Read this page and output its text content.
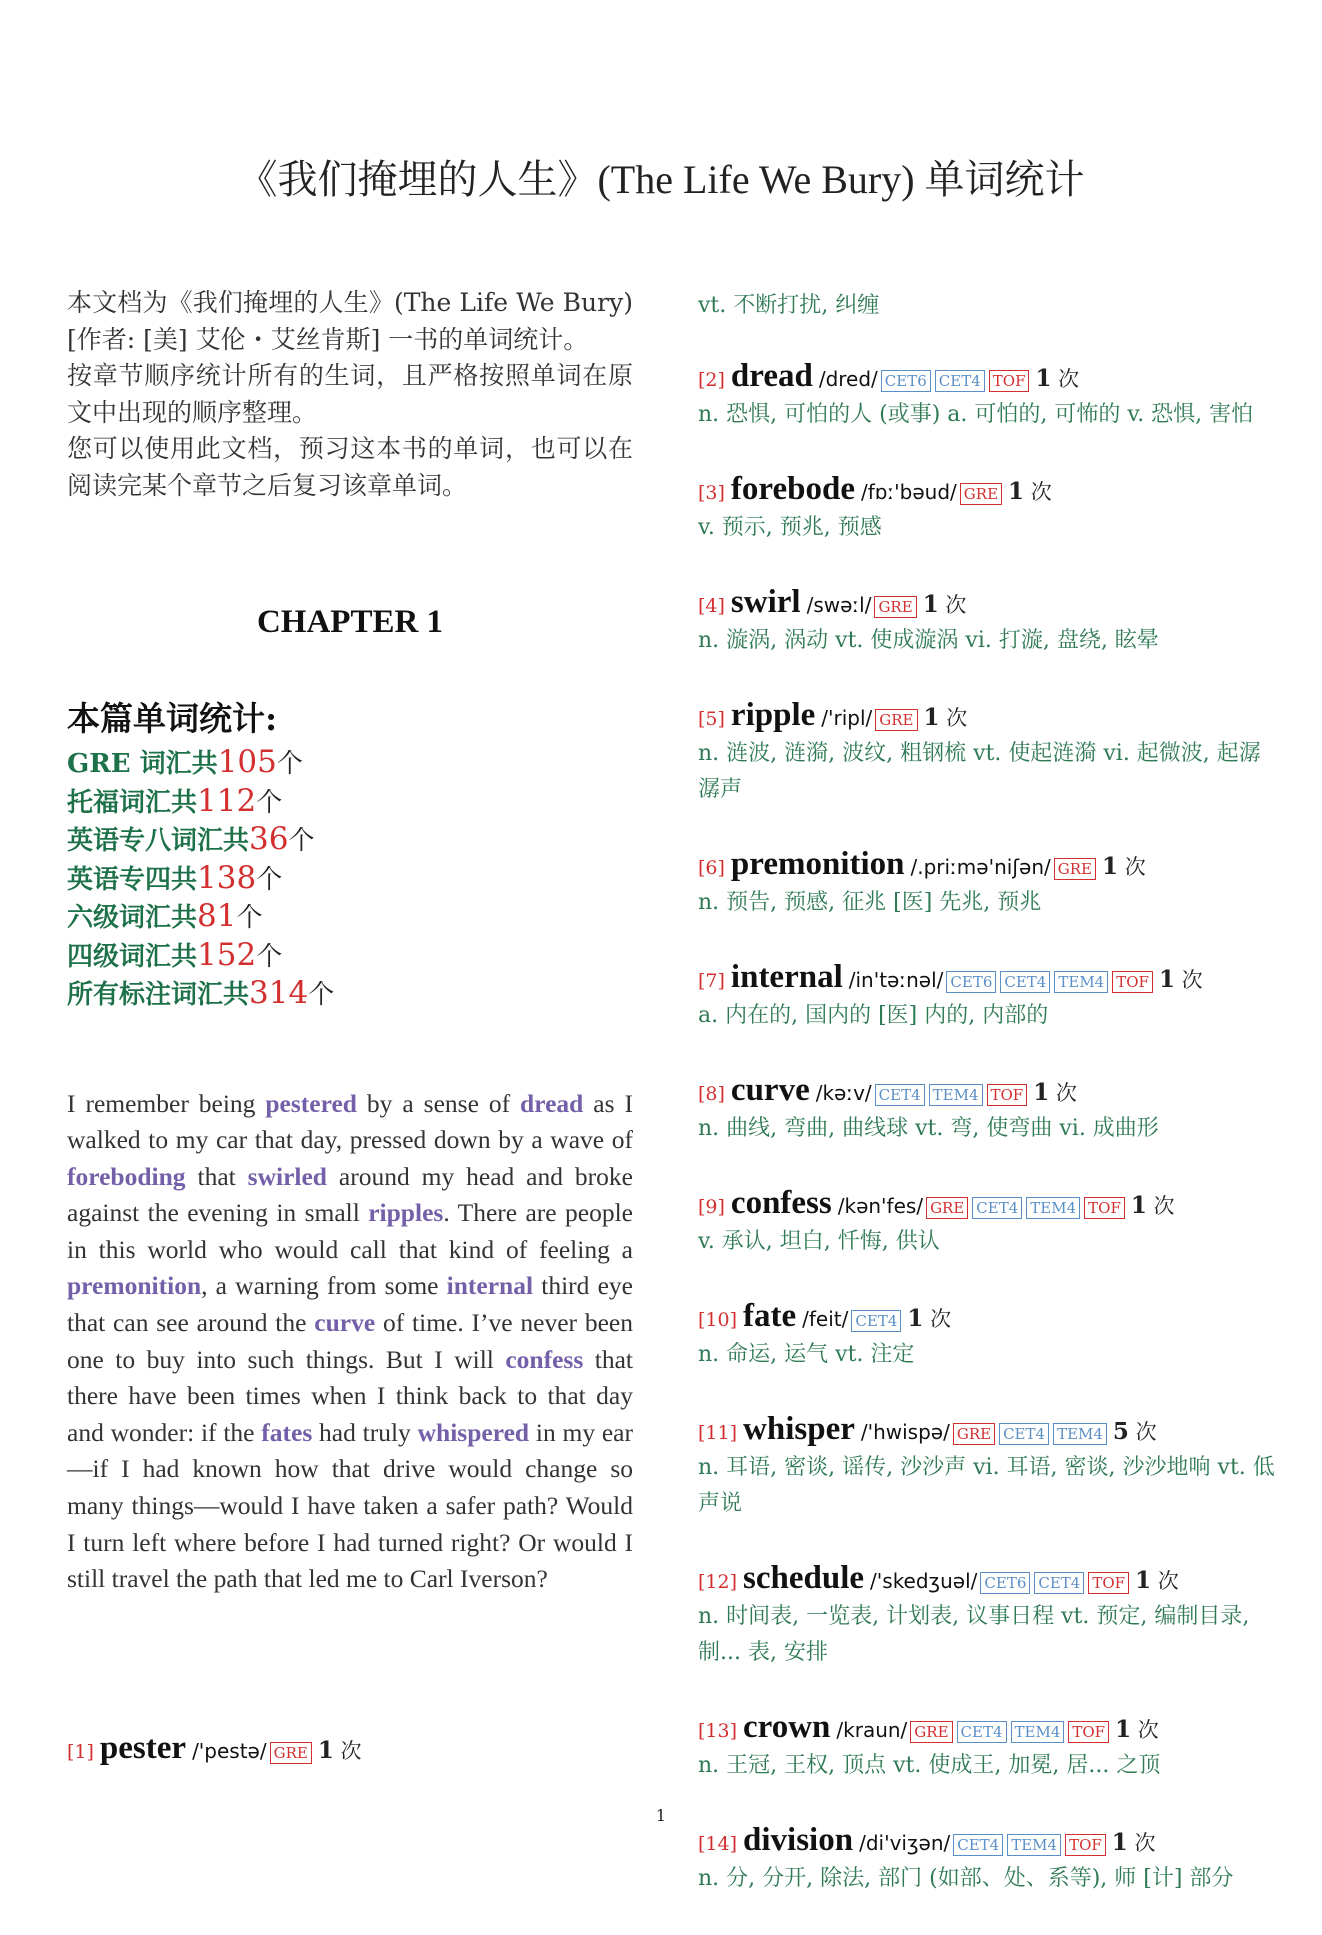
《我们掩埋的人生》(The Life We Bury) 单词统计

本文档为《我们掩埋的人生》(The Life We Bury)[作者: [美] 艾伦・艾丝肯斯] 一书的单词统计。

按章节顺序统计所有的生词，且严格按照单词在原文中出现的顺序整理。

您可以使用此文档，预习这本书的单词，也可以在阅读完某个章节之后复习该章单词。

CHAPTER 1
本篇单词统计:
GRE 词汇共105个
托福词汇共112个
英语专八词汇共36个
英语专四共138个
六级词汇共81个
四级词汇共152个
所有标注词汇共314个
I remember being pestered by a sense of dread as I walked to my car that day, pressed down by a wave of foreboding that swirled around my head and broke against the evening in small ripples. There are people in this world who would call that kind of feeling a premonition, a warning from some internal third eye that can see around the curve of time. I’ve never been one to buy into such things. But I will confess that there have been times when I think back to that day and wonder: if the fates had truly whispered in my ear—if I had known how that drive would change so many things—would I have taken a safer path? Would I turn left where before I had turned right? Or would I still travel the path that led me to Carl Iverson?
[1] pester /'pestə/ GRE 1 次
vt. 不断打扰, 纠缠
[2] dread /dred/ CET6 CET4 TOF 1 次
n. 恐惧, 可怕的人 (或事) a. 可怕的, 可怖的 v. 恐惧, 害怕
[3] forebode /fɒː'bəud/ GRE 1 次
v. 预示, 预兆, 预感
[4] swirl /swəːl/ GRE 1 次
n. 漩涡, 涡动 vt. 使成漩涡 vi. 打漩, 盘绕, 眩晕
[5] ripple /'ripl/ GRE 1 次
n. 涟波, 涟漪, 波纹, 粗钢梳 vt. 使起涟漪 vi. 起微波, 起潺潺声
[6] premonition /.priːmə'niʃən/ GRE 1 次
n. 预告, 预感, 征兆 [医] 先兆, 预兆
[7] internal /in'təːnəl/ CET6 CET4 TEM4 TOF 1 次
a. 内在的, 国内的 [医] 内的, 内部的
[8] curve /kəːv/ CET4 TEM4 TOF 1 次
n. 曲线, 弯曲, 曲线球 vt. 弯, 使弯曲 vi. 成曲形
[9] confess /kən'fes/ GRE CET4 TEM4 TOF 1 次
v. 承认, 坦白, 忏悔, 供认
[10] fate /feit/ CET4 1 次
n. 命运, 运气 vt. 注定
[11] whisper /'hwispə/ GRE CET4 TEM4 5 次
n. 耳语, 密谈, 谣传, 沙沙声 vi. 耳语, 密谈, 沙沙地响 vt. 低声说
[12] schedule /'skedʒuəl/ CET6 CET4 TOF 1 次
n. 时间表, 一览表, 计划表, 议事日程 vt. 预定, 编制目录, 制... 表, 安排
[13] crown /kraun/ GRE CET4 TEM4 TOF 1 次
n. 王冠, 王权, 顶点 vt. 使成王, 加冕, 居... 之顶
[14] division /di'viʒən/ CET4 TEM4 TOF 1 次
n. 分, 分开, 除法, 部门 (如部、处、系等), 师 [计] 部分
1
